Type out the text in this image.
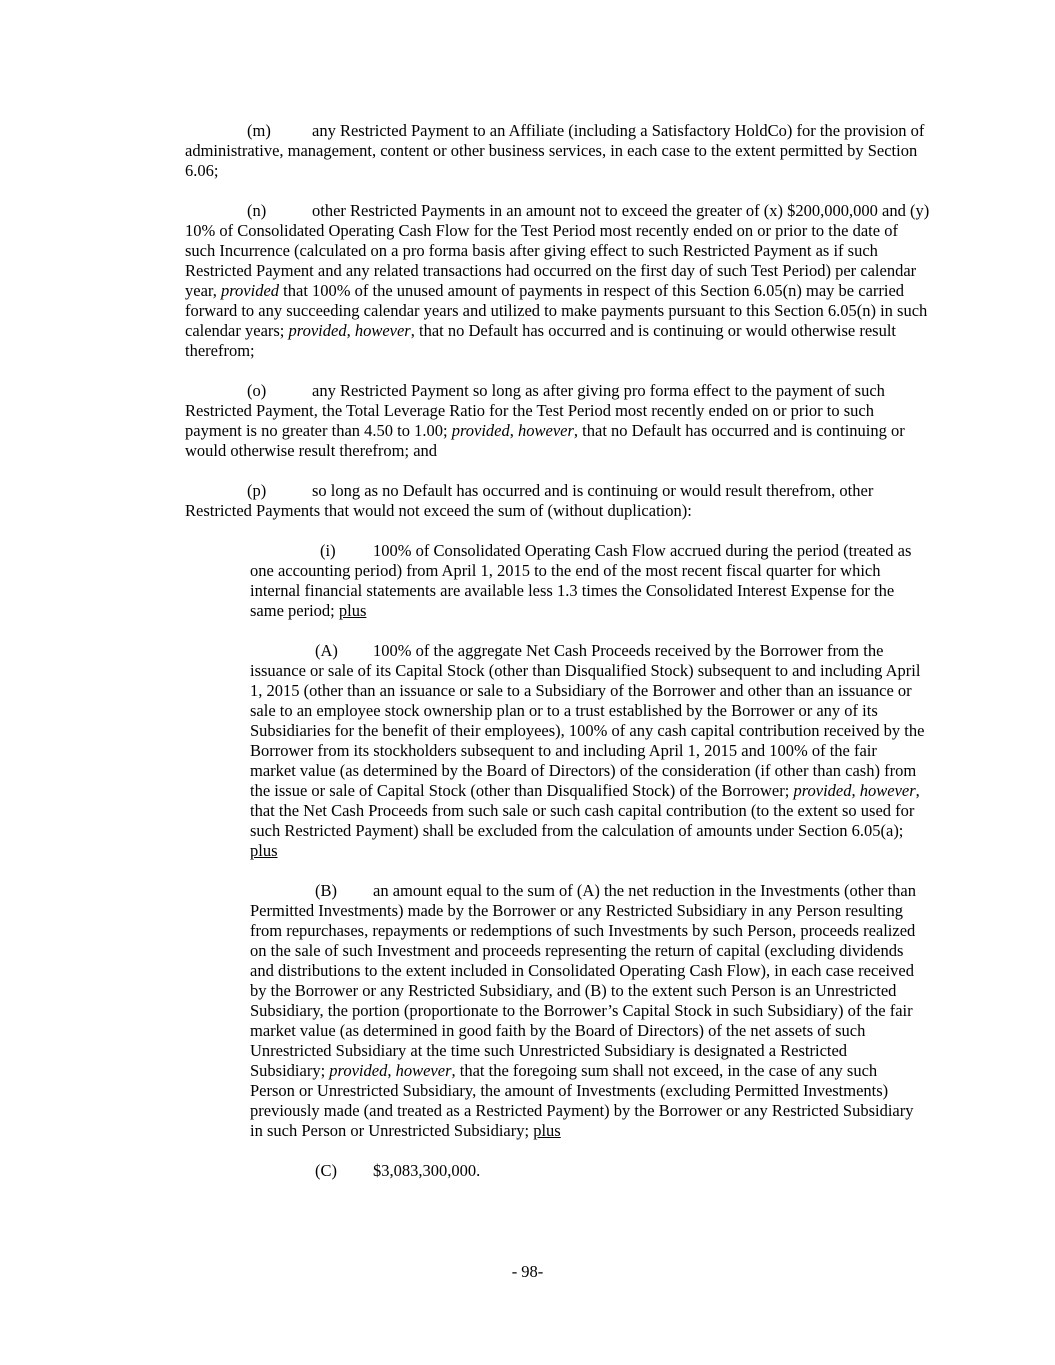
(m) any Restricted Payment to an Affiliate (including a Satisfactory HoldCo) for the provision of administrative, management, content or other business services, in each case to the extent permitted by Section 6.06;

(n)	other Restricted Payments in an amount not to exceed the greater of (x) $200,000,000 and (y) 10% of Consolidated Operating Cash Flow for the Test Period most recently ended on or prior to the date of such Incurrence (calculated on a pro forma basis after giving effect to such Restricted Payment as if such Restricted Payment and any related transactions had occurred on the first day of such Test Period) per calendar year, provided that 100% of the unused amount of payments in respect of this Section 6.05(n) may be carried forward to any succeeding calendar years and utilized to make payments pursuant to this Section 6.05(n) in such calendar years; provided, however, that no Default has occurred and is continuing or would otherwise result therefrom;

(o)	any Restricted Payment so long as after giving pro forma effect to the payment of such Restricted Payment, the Total Leverage Ratio for the Test Period most recently ended on or prior to such payment is no greater than 4.50 to 1.00; provided, however, that no Default has occurred and is continuing or would otherwise result therefrom; and

(p)	so long as no Default has occurred and is continuing or would result therefrom, other Restricted Payments that would not exceed the sum of (without duplication):

(i) 100% of Consolidated Operating Cash Flow accrued during the period (treated as one accounting period) from April 1, 2015 to the end of the most recent fiscal quarter for which internal financial statements are available less 1.3 times the Consolidated Interest Expense for the same period; plus

(A) 100% of the aggregate Net Cash Proceeds received by the Borrower from the issuance or sale of its Capital Stock (other than Disqualified Stock) subsequent to and including April 1, 2015 (other than an issuance or sale to a Subsidiary of the Borrower and other than an issuance or sale to an employee stock ownership plan or to a trust established by the Borrower or any of its Subsidiaries for the benefit of their employees), 100% of any cash capital contribution received by the Borrower from its stockholders subsequent to and including April 1, 2015 and 100% of the fair market value (as determined by the Board of Directors) of the consideration (if other than cash) from the issue or sale of Capital Stock (other than Disqualified Stock) of the Borrower; provided, however, that the Net Cash Proceeds from such sale or such cash capital contribution (to the extent so used for such Restricted Payment) shall be excluded from the calculation of amounts under Section 6.05(a); plus

(B) an amount equal to the sum of (A) the net reduction in the Investments (other than Permitted Investments) made by the Borrower or any Restricted Subsidiary in any Person resulting from repurchases, repayments or redemptions of such Investments by such Person, proceeds realized on the sale of such Investment and proceeds representing the return of capital (excluding dividends and distributions to the extent included in Consolidated Operating Cash Flow), in each case received by the Borrower or any Restricted Subsidiary, and (B) to the extent such Person is an Unrestricted Subsidiary, the portion (proportionate to the Borrower’s Capital Stock in such Subsidiary) of the fair market value (as determined in good faith by the Board of Directors) of the net assets of such Unrestricted Subsidiary at the time such Unrestricted Subsidiary is designated a Restricted Subsidiary; provided, however, that the foregoing sum shall not exceed, in the case of any such Person or Unrestricted Subsidiary, the amount of Investments (excluding Permitted Investments) previously made (and treated as a Restricted Payment) by the Borrower or any Restricted Subsidiary in such Person or Unrestricted Subsidiary; plus

(C) $3,083,300,000.

- 98-
